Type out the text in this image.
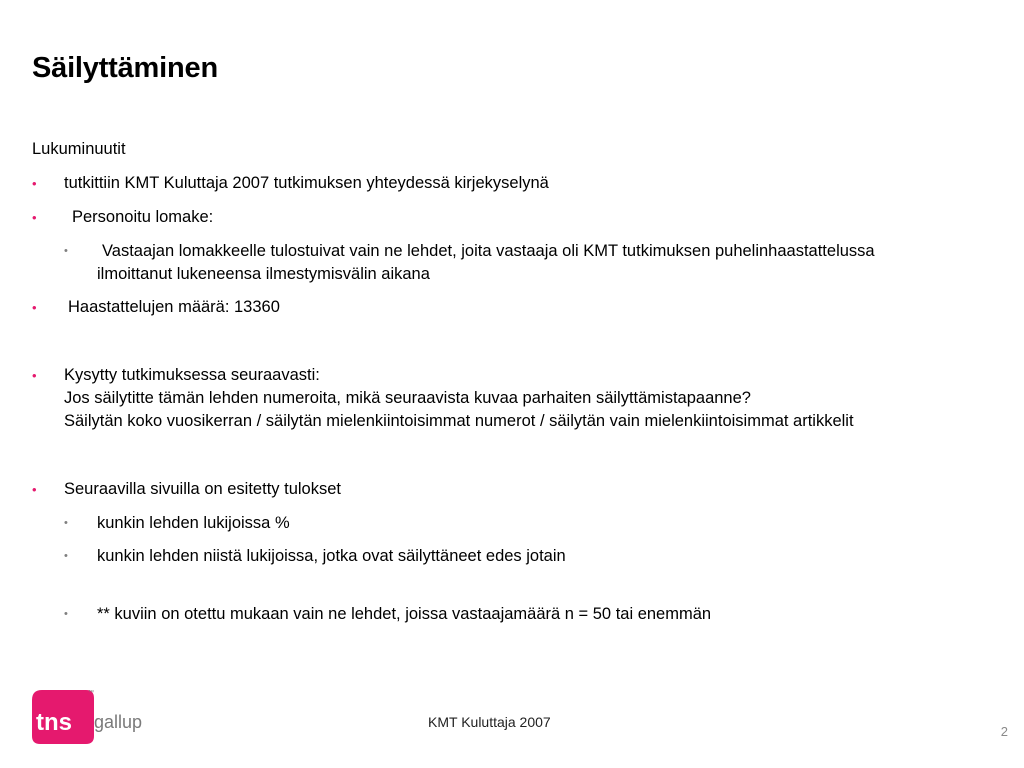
Säilyttäminen
Lukuminuutit
• tutkittiin KMT Kuluttaja 2007 tutkimuksen yhteydessä kirjekyselynä
• Personoitu lomake:
• Vastaajan lomakkeelle tulostuivat vain ne lehdet, joita vastaaja oli KMT tutkimuksen puhelinhaastattelussa
ilmoittanut lukeneensa ilmestymisvälin aikana
• Haastattelujen määrä: 13360
• Kysytty tutkimuksessa seuraavasti:
Jos säilytitte tämän lehden numeroita, mikä seuraavista kuvaa parhaiten säilyttämistapaanne?
Säilytän koko vuosikerran / säilytän mielenkiintoisimmat numerot / säilytän vain mielenkiintoisimmat artikkelit
• Seuraavilla sivuilla on esitetty tulokset
• kunkin lehden lukijoissa %
• kunkin lehden niistä lukijoissa, jotka ovat säilyttäneet edes jotain
• ** kuviin on otettu mukaan vain ne lehdet, joissa vastaajamäärä n = 50 tai enemmän
tns gallup
™
KMT Kuluttaja 2007
2
